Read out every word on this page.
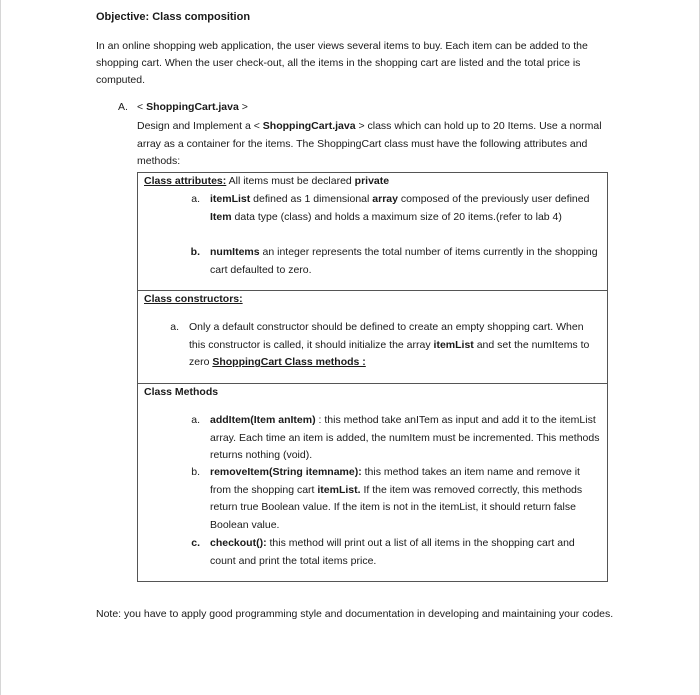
Objective: Class composition
In an online shopping web application, the user views several items to buy. Each item can be added to the shopping cart. When the user check-out, all the items in the shopping cart are listed and the total price is computed.
A. < ShoppingCart.java >
Design and Implement a < ShoppingCart.java > class which can hold up to 20 Items. Use a normal array as a container for the items. The ShoppingCart class must have the following attributes and methods:
Class attributes: All items must be declared private
a. itemList defined as 1 dimensional array composed of the previously user defined Item data type (class) and holds a maximum size of 20 items.(refer to lab 4)
b. numItems an integer represents the total number of items currently in the shopping cart defaulted to zero.
Class constructors:
a. Only a default constructor should be defined to create an empty shopping cart. When this constructor is called, it should initialize the array itemList and set the numItems to zero ShoppingCart Class methods :
Class Methods
a. addItem(Item anItem) : this method take anITem as input and add it to the itemList array. Each time an item is added, the numItem must be incremented. This methods returns nothing (void).
b. removeItem(String itemname): this method takes an item name and remove it from the shopping cart itemList. If the item was removed correctly, this methods return true Boolean value. If the item is not in the itemList, it should return false Boolean value.
c. checkout(): this method will print out a list of all items in the shopping cart and count and print the total items price.
Note: you have to apply good programming style and documentation in developing and maintaining your codes.
